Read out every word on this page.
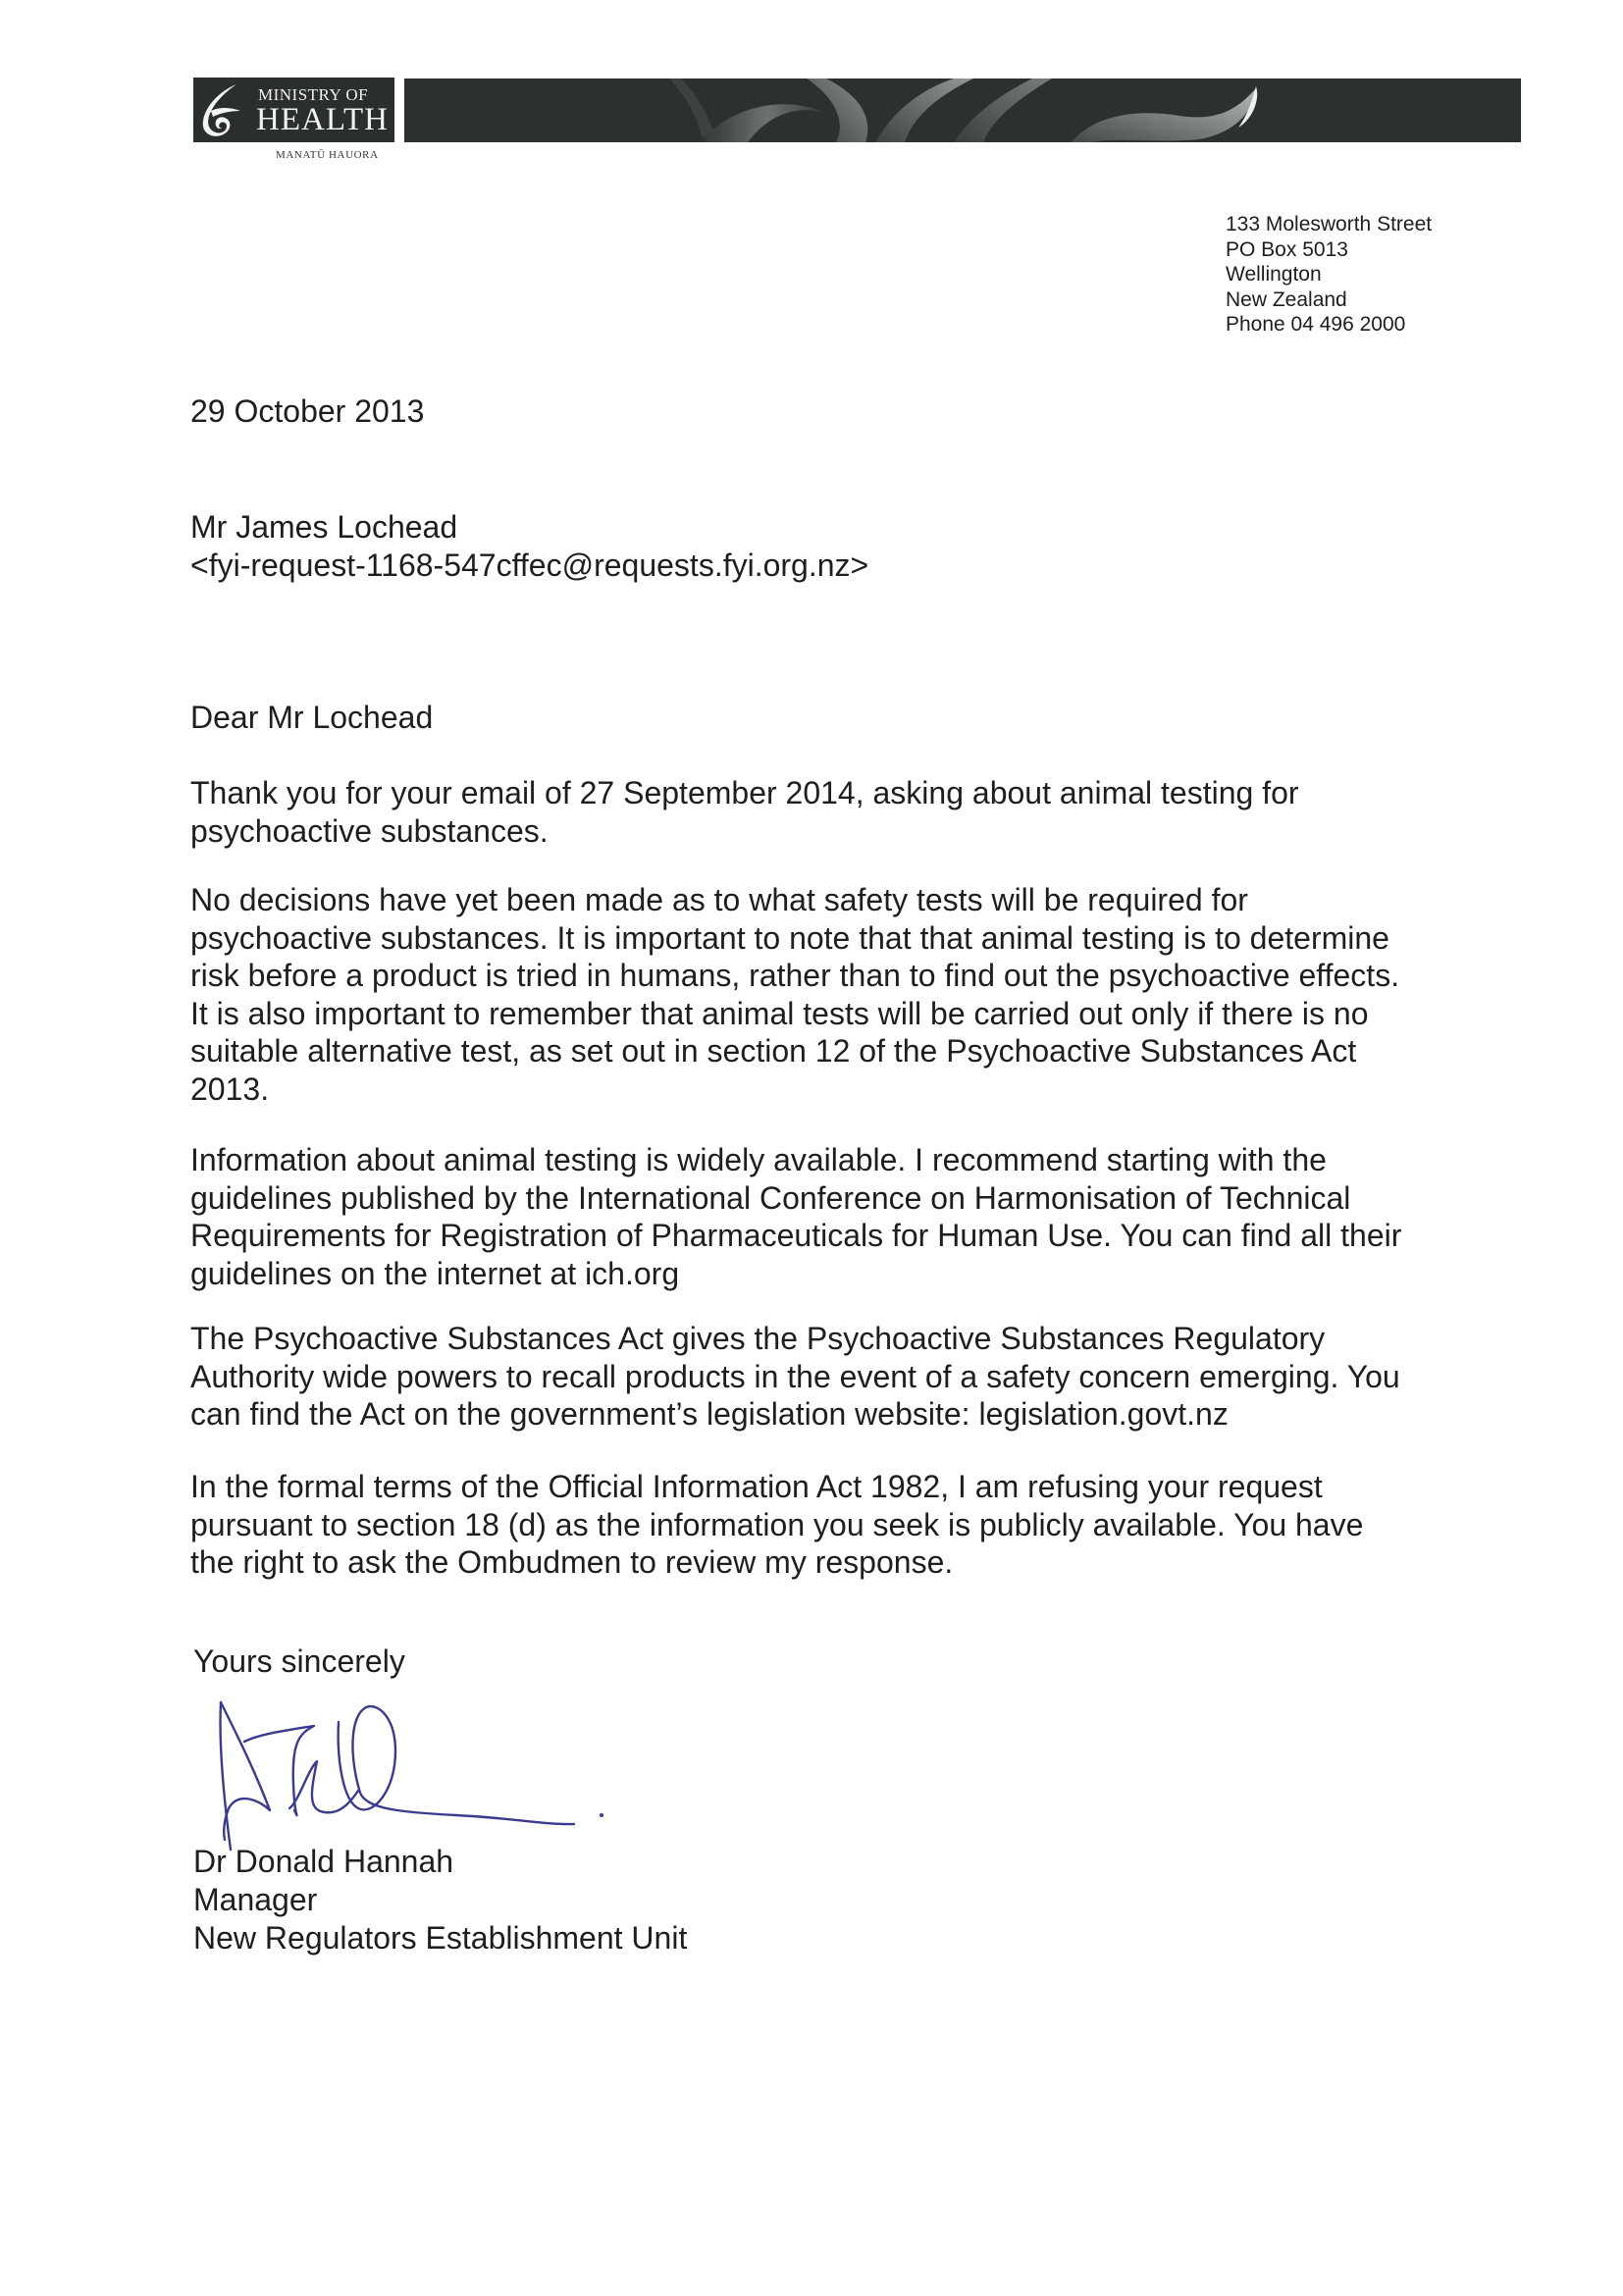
MINISTRY OF
HEALTH
MANATŪ HAUORA
133 Molesworth Street
PO Box 5013
Wellington
New Zealand
Phone 04 496 2000
29 October 2013
Mr James Lochead
<fyi-request-1168-547cffec@requests.fyi.org.nz>
Dear Mr Lochead
Thank you for your email of 27 September 2014, asking about animal testing for
psychoactive substances.
No decisions have yet been made as to what safety tests will be required for
psychoactive substances. It is important to note that that animal testing is to determine
risk before a product is tried in humans, rather than to find out the psychoactive effects.
It is also important to remember that animal tests will be carried out only if there is no
suitable alternative test, as set out in section 12 of the Psychoactive Substances Act
2013.
Information about animal testing is widely available. I recommend starting with the
guidelines published by the International Conference on Harmonisation of Technical
Requirements for Registration of Pharmaceuticals for Human Use. You can find all their
guidelines on the internet at ich.org
The Psychoactive Substances Act gives the Psychoactive Substances Regulatory
Authority wide powers to recall products in the event of a safety concern emerging. You
can find the Act on the government’s legislation website: legislation.govt.nz
In the formal terms of the Official Information Act 1982, I am refusing your request
pursuant to section 18 (d) as the information you seek is publicly available. You have
the right to ask the Ombudmen to review my response.
Yours sincerely
Dr Donald Hannah
Manager
New Regulators Establishment Unit
